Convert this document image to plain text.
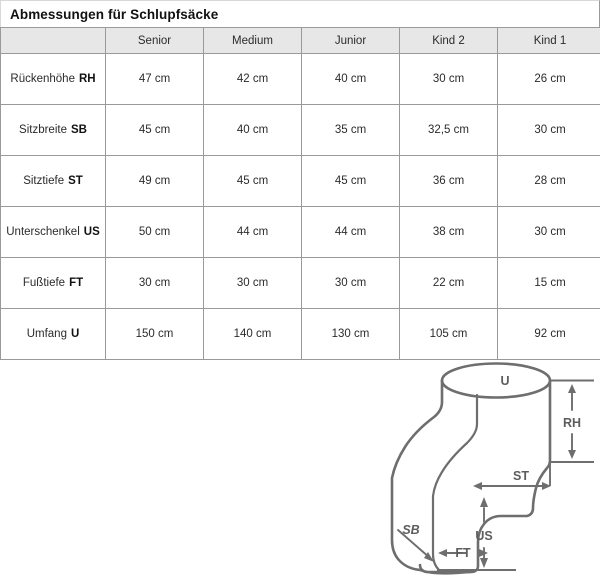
Abmessungen für Schlupfsäcke
	Senior	Medium	Junior	Kind 2	Kind 1
Rückenhöhe RH	47 cm	42 cm	40 cm	30 cm	26 cm
Sitzbreite SB	45 cm	40 cm	35 cm	32,5 cm	30 cm
Sitztiefe ST	49 cm	45 cm	45 cm	36 cm	28 cm
Unterschenkel US	50 cm	44 cm	44 cm	38 cm	30 cm
Fußtiefe FT	30 cm	30 cm	30 cm	22 cm	15 cm
Umfang U	150 cm	140 cm	130 cm	105 cm	92 cm
RH
ST
US
SB
FT
U
